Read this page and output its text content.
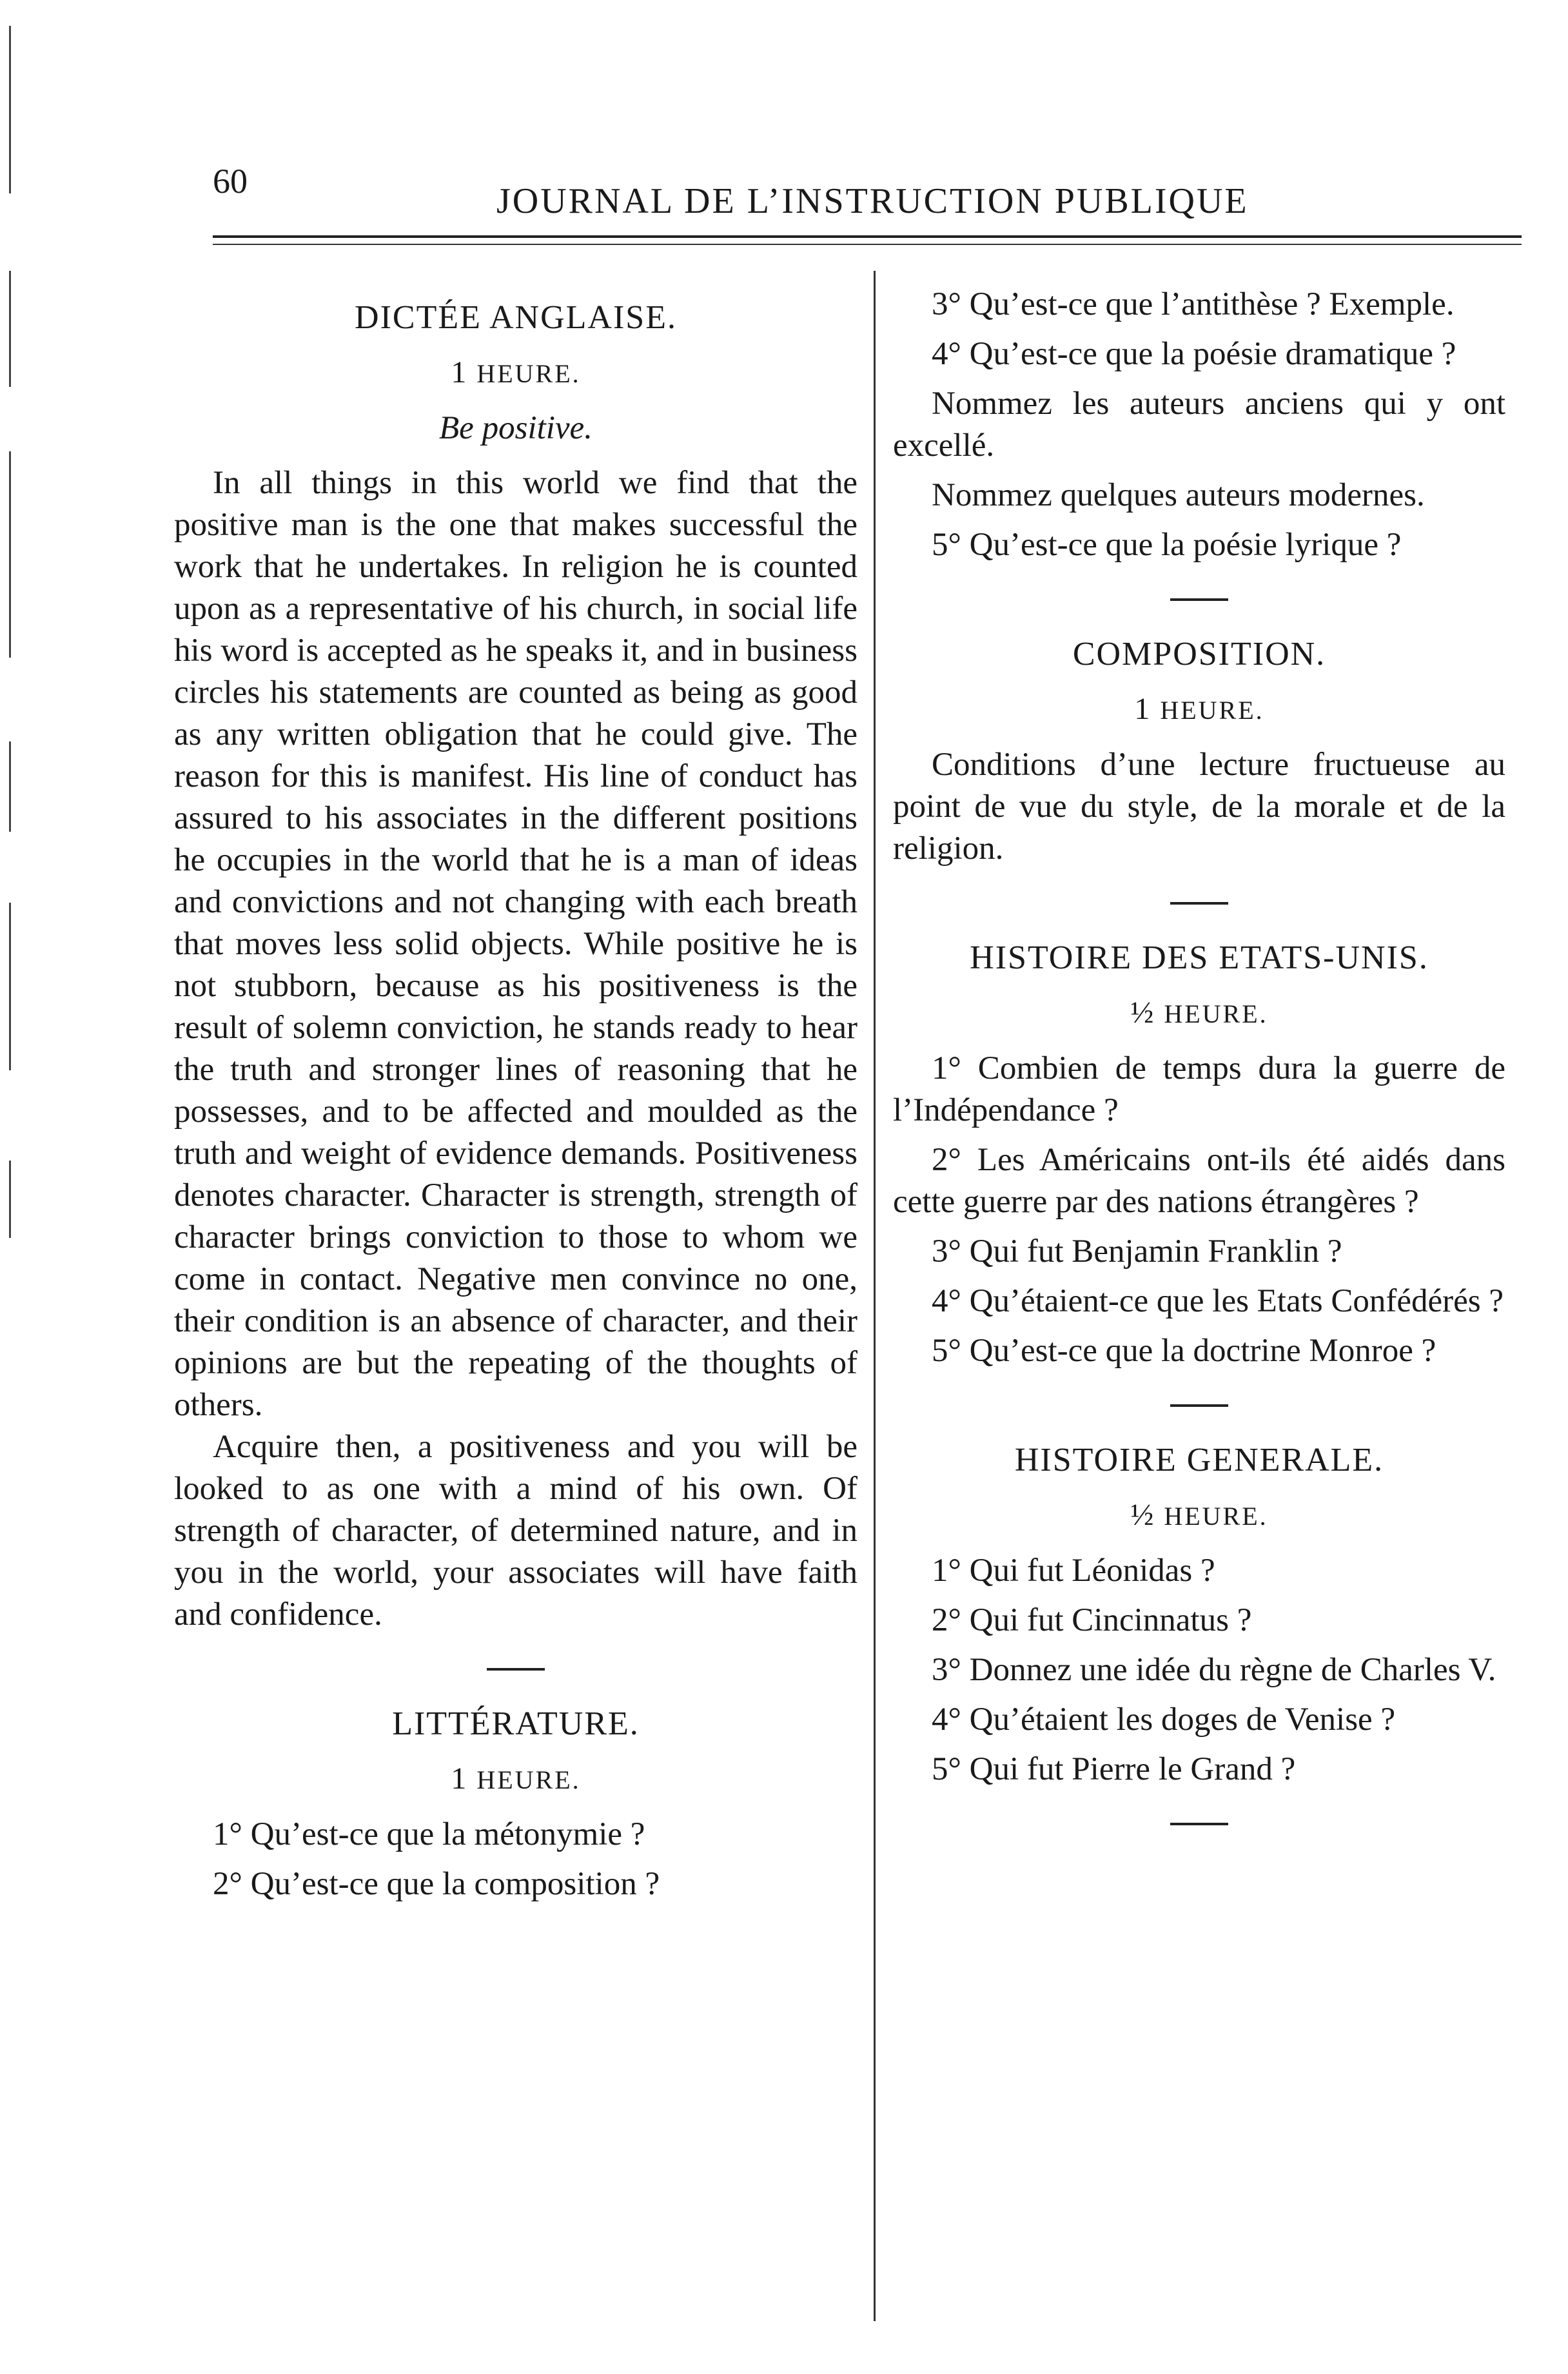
60	JOURNAL DE L’INSTRUCTION PUBLIQUE
DICTÉE ANGLAISE.
1 HEURE.
Be positive.

In all things in this world we find that the positive man is the one that makes successful the work that he undertakes. In religion he is counted upon as a representative of his church, in social life his word is accepted as he speaks it, and in business circles his statements are counted as being as good as any written obligation that he could give. The reason for this is manifest. His line of conduct has assured to his associates in the different positions he occupies in the world that he is a man of ideas and convictions and not changing with each breath that moves less solid objects. While positive he is not stubborn, because as his positiveness is the result of solemn conviction, he stands ready to hear the truth and stronger lines of reasoning that he possesses, and to be affected and moulded as the truth and weight of evidence demands. Positiveness denotes character. Character is strength, strength of character brings conviction to those to whom we come in contact. Negative men convince no one, their condition is an absence of character, and their opinions are but the repeating of the thoughts of others.

Acquire then, a positiveness and you will be looked to as one with a mind of his own. Of strength of character, of determined nature, and in you in the world, your associates will have faith and confidence.

LITTÉRATURE.
1 HEURE.

1° Qu’est-ce que la métonymie ?

2° Qu’est-ce que la composition ?

3° Qu’est-ce que l’antithèse ? Exemple.

4° Qu’est-ce que la poésie dramatique ?

Nommez les auteurs anciens qui y ont excellé.

Nommez quelques auteurs modernes.

5° Qu’est-ce que la poésie lyrique ?

COMPOSITION.
1 HEURE.

Conditions d’une lecture fructueuse au point de vue du style, de la morale et de la religion.

HISTOIRE DES ETATS-UNIS.
½ HEURE.

1° Combien de temps dura la guerre de l’Indépendance ?

2° Les Américains ont-ils été aidés dans cette guerre par des nations étrangères ?

3° Qui fut Benjamin Franklin ?

4° Qu’étaient-ce que les Etats Confédérés ?

5° Qu’est-ce que la doctrine Monroe ?

HISTOIRE GENERALE.
½ HEURE.

1° Qui fut Léonidas ?

2° Qui fut Cincinnatus ?

3° Donnez une idée du règne de Charles V.

4° Qu’étaient les doges de Venise ?

5° Qui fut Pierre le Grand ?
